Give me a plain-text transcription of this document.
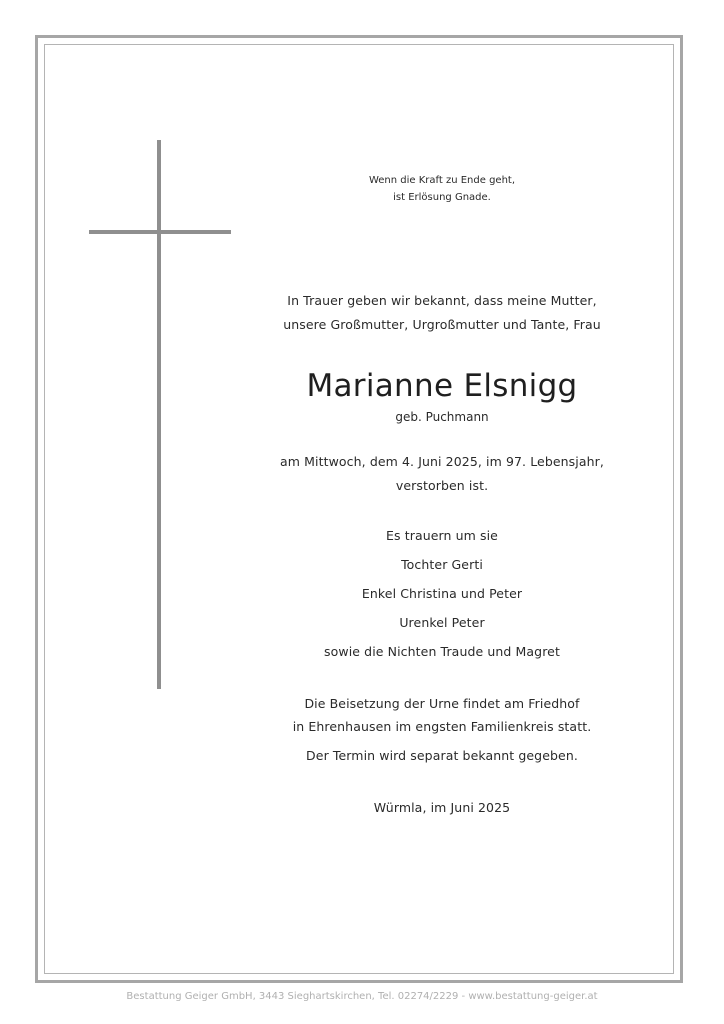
Wenn die Kraft zu Ende geht,
ist Erlösung Gnade.
In Trauer geben wir bekannt, dass meine Mutter,
unsere Großmutter, Urgroßmutter und Tante, Frau
Marianne Elsnigg
geb. Puchmann
am Mittwoch, dem 4. Juni 2025, im 97. Lebensjahr,
verstorben ist.
Es trauern um sie
Tochter Gerti
Enkel Christina und Peter
Urenkel Peter
sowie die Nichten Traude und Magret
Die Beisetzung der Urne findet am Friedhof
in Ehrenhausen im engsten Familienkreis statt.
Der Termin wird separat bekannt gegeben.
Würmla, im Juni 2025
Bestattung Geiger GmbH, 3443 Sieghartskirchen, Tel. 02274/2229 - www.bestattung-geiger.at
